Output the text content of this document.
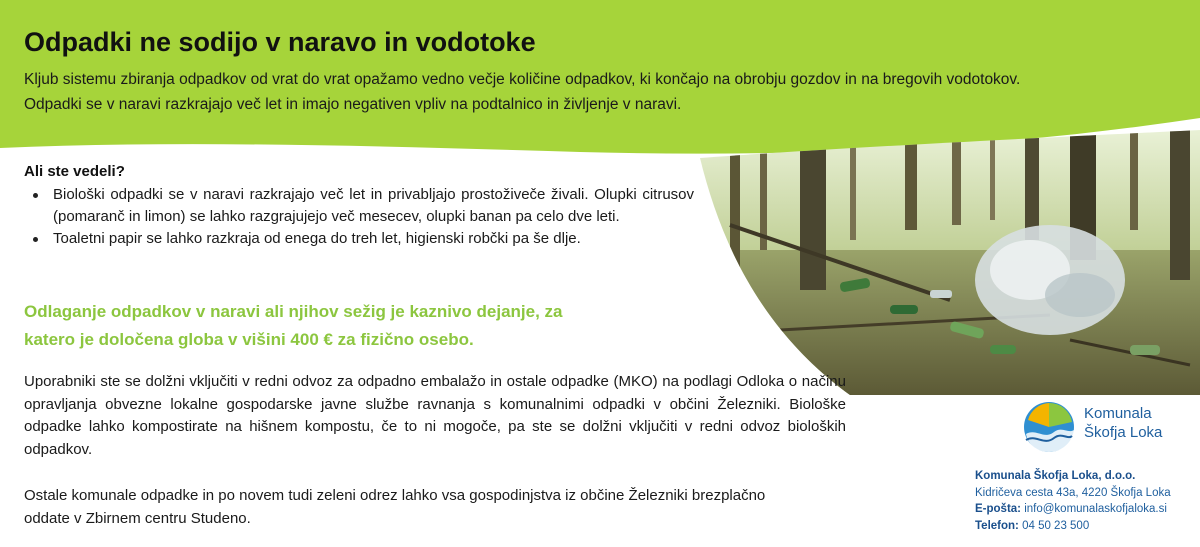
Odpadki ne sodijo v naravo in vodotoke
Kljub sistemu zbiranja odpadkov od vrat do vrat opažamo vedno večje količine odpadkov, ki končajo na obrobju gozdov in na bregovih vodotokov.
Odpadki se v naravi razkrajajo več let in imajo negativen vpliv na podtalnico in življenje v naravi.
Ali ste vedeli?
Biološki odpadki se v naravi razkrajajo več let in privabljajo prostoživeče živali. Olupki citrusov (pomaranč in limon) se lahko razgrajujejo več mesecev, olupki banan pa celo dve leti.
Toaletni papir se lahko razkraja od enega do treh let, higienski robčki pa še dlje.
Odlaganje odpadkov v naravi ali njihov sežig je kaznivo dejanje, za
katero je določena globa v višini 400 € za fizično osebo.

Uporabniki ste se dolžni vključiti v redni odvoz za odpadno embalažo in ostale odpadke (MKO) na podlagi Odloka o načinu opravljanja obvezne lokalne gospodarske javne službe ravnanja s komunalnimi odpadki v občini Železniki. Biološke odpadke lahko kompostirate na hišnem kompostu, če to ni mogoče, pa ste se dolžni vključiti v redni odvoz bioloških odpadkov.

Ostale komunale odpadke in po novem tudi zeleni odrez lahko vsa gospodinjstva iz občine Železniki brezplačno
oddate v Zbirnem centru Studeno.
Komunala
Škofja Loka
Komunala Škofja Loka, d.o.o.
Kidričeva cesta 43a, 4220 Škofja Loka
E-pošta: info@komunalaskofjaloka.si
Telefon: 04 50 23 500
